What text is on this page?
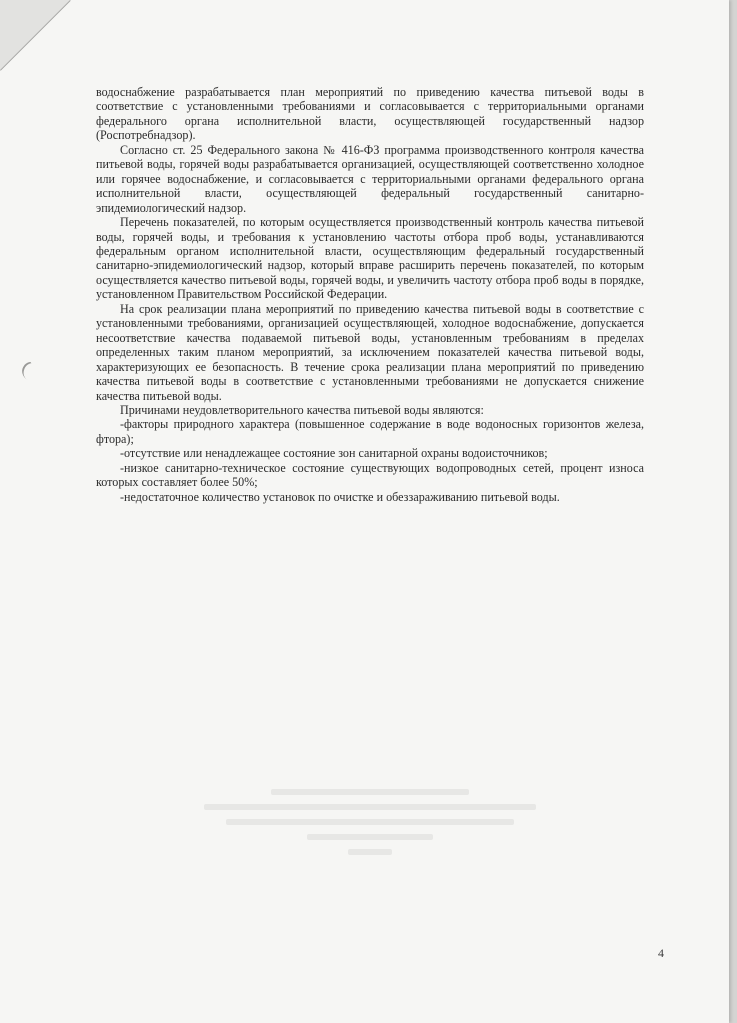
водоснабжение разрабатывается план мероприятий по приведению качества питьевой воды в соответствие с установленными требованиями и согласовывается с территориальными органами федерального органа исполнительной власти, осуществляющей государственный надзор (Роспотребнадзор).

Согласно ст. 25 Федерального закона № 416-ФЗ программа производственного контроля качества питьевой воды, горячей воды разрабатывается организацией, осуществляющей соответственно холодное или горячее водоснабжение, и согласовывается с территориальными органами федерального органа исполнительной власти, осуществляющей федеральный государственный санитарно-эпидемиологический надзор.

Перечень показателей, по которым осуществляется производственный контроль качества питьевой воды, горячей воды, и требования к установлению частоты отбора проб воды, устанавливаются федеральным органом исполнительной власти, осуществляющим федеральный государственный санитарно-эпидемиологический надзор, который вправе расширить перечень показателей, по которым осуществляется качество питьевой воды, горячей воды, и увеличить частоту отбора проб воды в порядке, установленном Правительством Российской Федерации.

На срок реализации плана мероприятий по приведению качества питьевой воды в соответствие с установленными требованиями, организацией осуществляющей, холодное водоснабжение, допускается несоответствие качества подаваемой питьевой воды, установленным требованиям в пределах определенных таким планом мероприятий, за исключением показателей качества питьевой воды, характеризующих ее безопасность. В течение срока реализации плана мероприятий по приведению качества питьевой воды в соответствие с установленными требованиями не допускается снижение качества питьевой воды.

Причинами неудовлетворительного качества питьевой воды являются:

-факторы природного характера (повышенное содержание в воде водоносных горизонтов железа, фтора);

-отсутствие или ненадлежащее состояние зон санитарной охраны водоисточников;

-низкое санитарно-техническое состояние существующих водопроводных сетей, процент износа которых составляет более 50%;

-недостаточное количество установок по очистке и обеззараживанию питьевой воды.

4
